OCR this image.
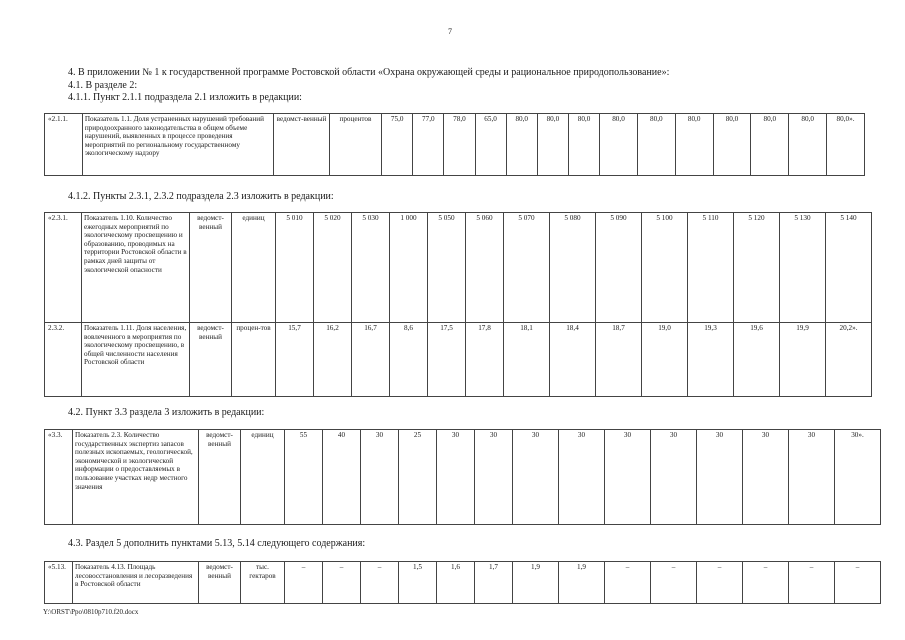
7
4. В приложении № 1 к государственной программе Ростовской области «Охрана окружающей среды и рациональное природопользование»:
4.1. В разделе 2:
4.1.1. Пункт 2.1.1 подраздела 2.1 изложить в редакции:
«2.1.1.	Показатель 1.1. Доля устраненных нарушений требований природоохранного законодательства в общем объеме нарушений, выявленных в процессе проведения мероприятий по региональному государственному экологическому надзору	ведомст-венный	процентов	75,0	77,0	78,0	65,0	80,0	80,0	80,0	80,0	80,0	80,0	80,0	80,0	80,0	80,0».
4.1.2. Пункты 2.3.1, 2.3.2 подраздела 2.3 изложить в редакции:
«2.3.1.	Показатель 1.10. Количество ежегодных мероприятий по экологическому просвещению и образованию, проводимых на территории Ростовской области в рамках дней защиты от экологической опасности	ведомст-венный	единиц	5 010	5 020	5 030	1 000	5 050	5 060	5 070	5 080	5 090	5 100	5 110	5 120	5 130	5 140
2.3.2.	Показатель 1.11. Доля населения, вовлеченного в мероприятия по экологическому просвещению, в общей численности населения Ростовской области	ведомст-венный	процен-тов	15,7	16,2	16,7	8,6	17,5	17,8	18,1	18,4	18,7	19,0	19,3	19,6	19,9	20,2».
4.2. Пункт 3.3 раздела 3 изложить в редакции:
«3.3.	Показатель 2.3. Количество государственных экспертиз запасов полезных ископаемых, геологической, экономической и экологической информации о предоставляемых в пользование участках недр местного значения	ведомст-венный	единиц	55	40	30	25	30	30	30	30	30	30	30	30	30	30».
4.3. Раздел 5 дополнить пунктами 5.13, 5.14 следующего содержания:
«5.13.	Показатель 4.13. Площадь лесовосстановления и лесоразведения в Ростовской области	ведомст-венный	тыс. гектаров	–	–	–	1,5	1,6	1,7	1,9	1,9	–	–	–	–	–	–
Y:\ORST\Ppo\0810p710.f20.docx
